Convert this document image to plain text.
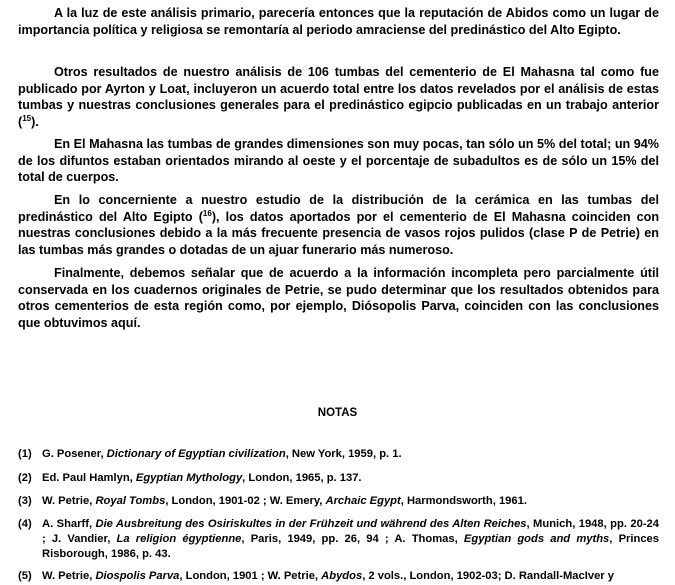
A la luz de este análisis primario, parecería entonces que la reputación de Abidos como un lugar de importancia política y religiosa se remontaría al periodo amraciense del predinástico del Alto Egipto.

Otros resultados de nuestro análisis de 106 tumbas del cementerio de El Mahasna tal como fue publicado por Ayrton y Loat, incluyeron un acuerdo total entre los datos revelados por el análisis de estas tumbas y nuestras conclusiones generales para el predinástico egipcio publicadas en un trabajo anterior ($^{15}$).

En El Mahasna las tumbas de grandes dimensiones son muy pocas, tan sólo un 5% del total; un 94% de los difuntos estaban orientados mirando al oeste y el porcentaje de subadultos es de sólo un 15% del total de cuerpos.

En lo concerniente a nuestro estudio de la distribución de la cerámica en las tumbas del predinástico del Alto Egipto ($^{16}$), los datos aportados por el cementerio de El Mahasna coinciden con nuestras conclusiones debido a la más frecuente presencia de vasos rojos pulidos (clase P de Petrie) en las tumbas más grandes o dotadas de un ajuar funerario más numeroso.

Finalmente, debemos señalar que de acuerdo a la información incompleta pero parcialmente útil conservada en los cuadernos originales de Petrie, se pudo determinar que los resultados obtenidos para otros cementerios de esta región como, por ejemplo, Diósopolis Parva, coinciden con las conclusiones que obtuvimos aquí.

NOTAS

(1) G. Posener, Dictionary of Egyptian civilization, New York, 1959, p. 1.
(2) Ed. Paul Hamlyn, Egyptian Mythology, London, 1965, p. 137.
(3) W. Petrie, Royal Tombs, London, 1901-02 ; W. Emery, Archaic Egypt, Harmondsworth, 1961.
(4) A. Sharff, Die Ausbreitung des Osiriskultes in der Frühzeit und während des Alten Reiches, Munich, 1948, pp. 20-24 ; J. Vandier, La religion égyptienne, Paris, 1949, pp. 26, 94 ; A. Thomas, Egyptian gods and myths, Princes Risborough, 1986, p. 43.
(5) W. Petrie, Diospolis Parva, London, 1901 ; W. Petrie, Abydos, 2 vols., London, 1902-03; D. Randall-MacIver y
